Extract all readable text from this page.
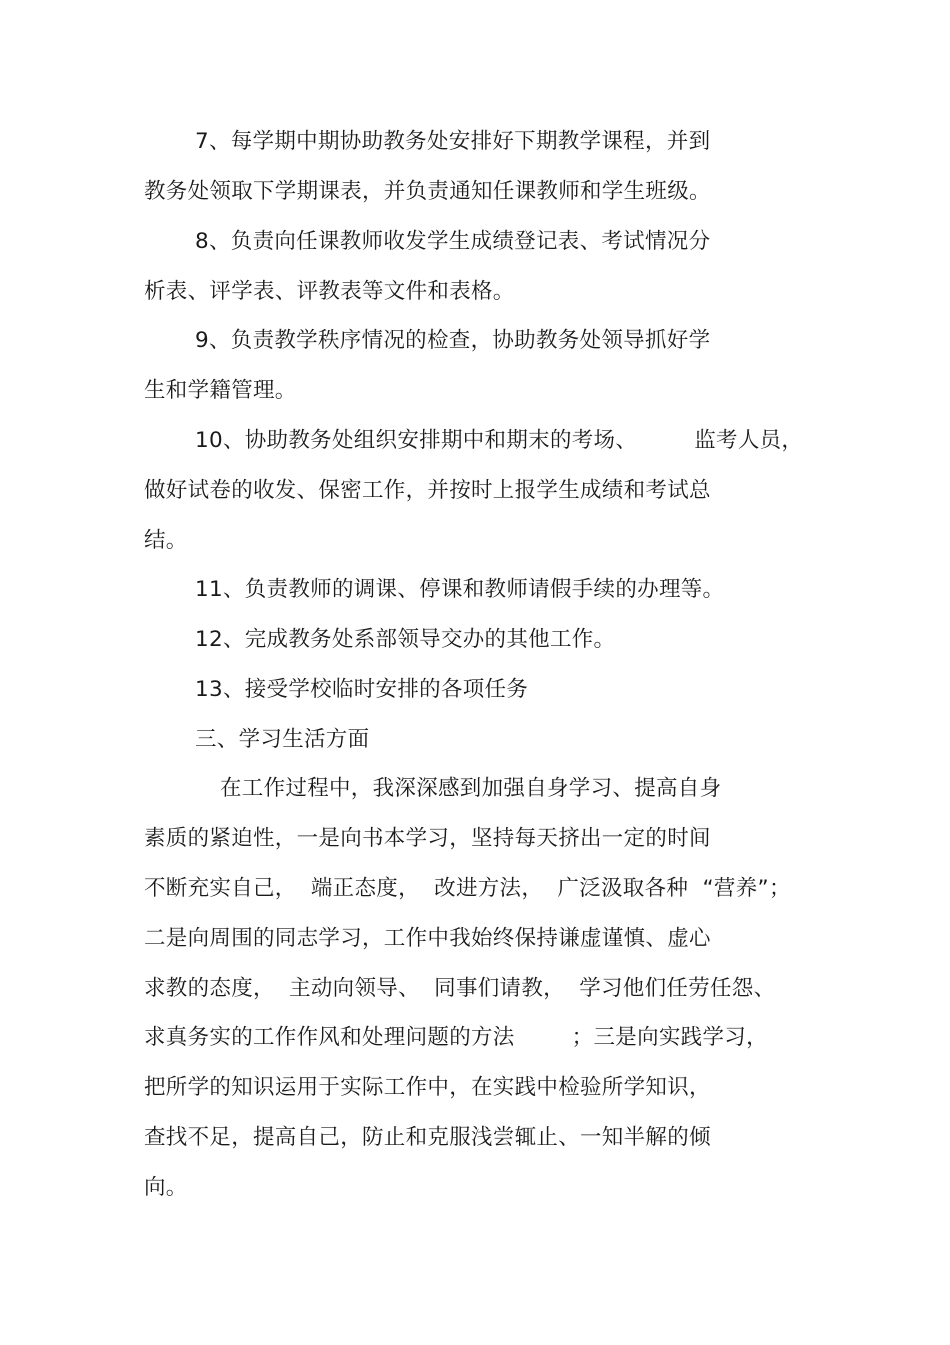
7、每学期中期协助教务处安排好下期教学课程，并到
教务处领取下学期课表，并负责通知任课教师和学生班级。
8、负责向任课教师收发学生成绩登记表、考试情况分
析表、评学表、评教表等文件和表格。
9、负责教学秩序情况的检查，协助教务处领导抓好学
生和学籍管理。
10、协助教务处组织安排期中和期末的考场、        监考人员，
做好试卷的收发、保密工作，并按时上报学生成绩和考试总
结。
11、负责教师的调课、停课和教师请假手续的办理等。
12、完成教务处系部领导交办的其他工作。
13、接受学校临时安排的各项任务
三、学习生活方面
在工作过程中，我深深感到加强自身学习、提高自身
素质的紧迫性，一是向书本学习，坚持每天挤出一定的时间
不断充实自己，  端正态度，  改进方法，  广泛汲取各种  “营养”；
二是向周围的同志学习，工作中我始终保持谦虚谨慎、虚心
求教的态度，  主动向领导、  同事们请教，  学习他们任劳任怨、
求真务实的工作作风和处理问题的方法        ；三是向实践学习，
把所学的知识运用于实际工作中，在实践中检验所学知识，
查找不足，提高自己，防止和克服浅尝辄止、一知半解的倾
向。
